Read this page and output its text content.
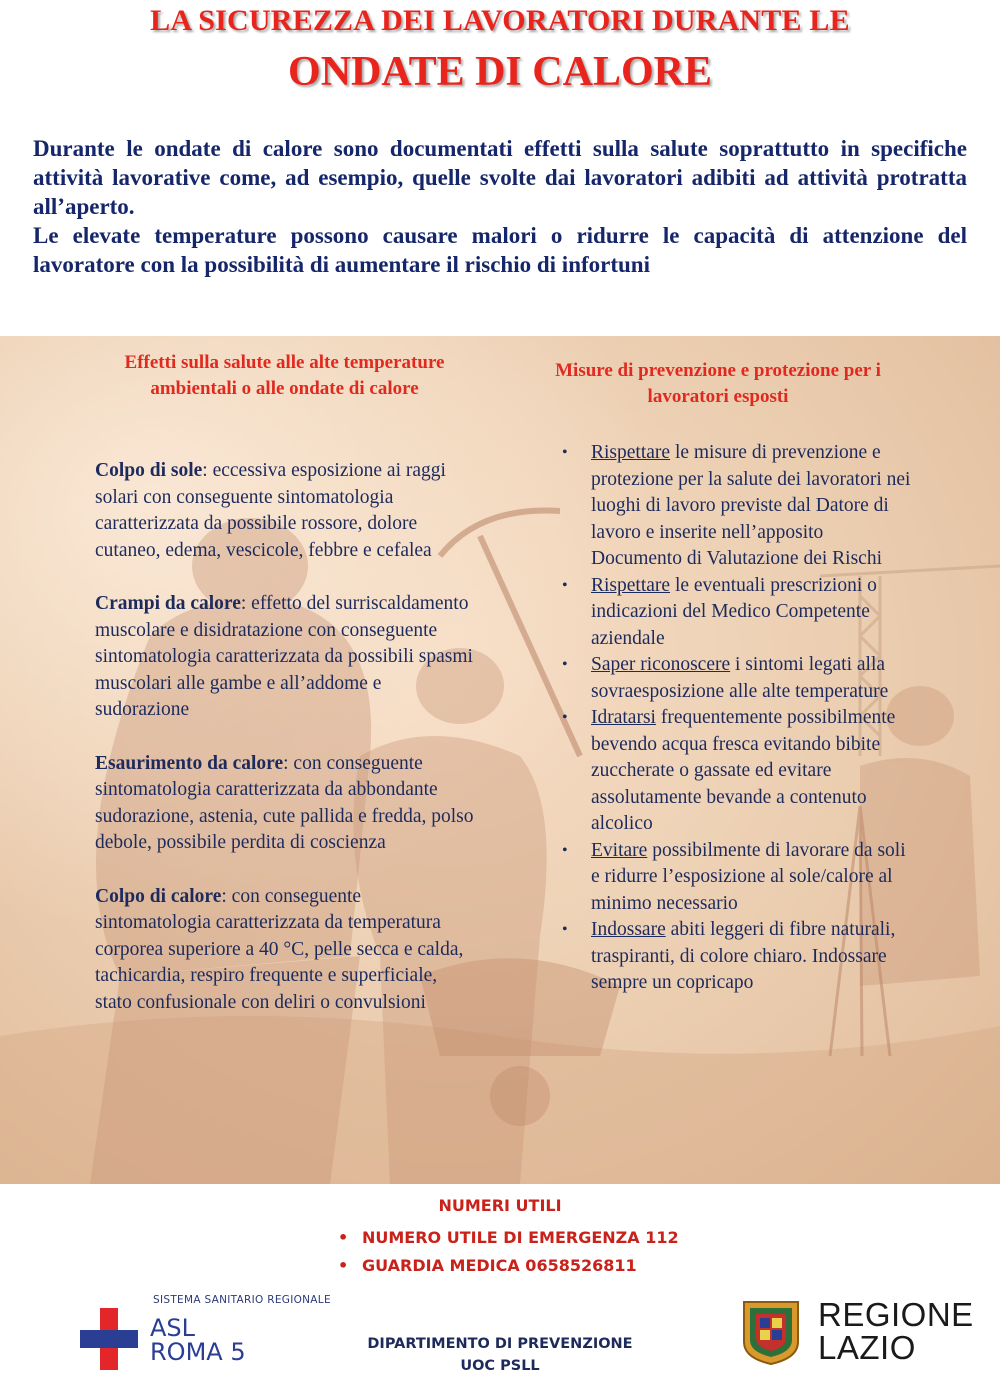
LA SICUREZZA DEI LAVORATORI DURANTE LE
ONDATE DI CALORE

Durante le ondate di calore sono documentati effetti sulla salute soprattutto in specifiche attività lavorative come, ad esempio, quelle svolte dai lavoratori adibiti ad attività protratta all’aperto.

Le elevate temperature possono causare malori o ridurre le capacità di attenzione del lavoratore con la possibilità di aumentare il rischio di infortuni

Effetti sulla salute alle alte temperature ambientali o alle ondate di calore
Misure di prevenzione e protezione per i lavoratori esposti

Colpo di sole: eccessiva esposizione ai raggi solari con conseguente sintomatologia caratterizzata da possibile rossore, dolore cutaneo, edema, vescicole, febbre e cefalea

Crampi da calore: effetto del surriscaldamento muscolare e disidratazione con conseguente sintomatologia caratterizzata da possibili spasmi muscolari alle gambe e all’addome e sudorazione

Esaurimento da calore: con conseguente sintomatologia caratterizzata da abbondante sudorazione, astenia, cute pallida e fredda, polso debole, possibile perdita di coscienza

Colpo di calore: con conseguente sintomatologia caratterizzata da temperatura corporea superiore a 40 °C, pelle secca e calda, tachicardia, respiro frequente e superficiale, stato confusionale con deliri o convulsioni

• Rispettare le misure di prevenzione e protezione per la salute dei lavoratori nei luoghi di lavoro previste dal Datore di lavoro e inserite nell’apposito Documento di Valutazione dei Rischi
• Rispettare le eventuali prescrizioni o indicazioni del Medico Competente aziendale
• Saper riconoscere i sintomi legati alla sovraesposizione alle alte temperature
• Idratarsi frequentemente possibilmente bevendo acqua fresca evitando bibite zuccherate o gassate ed evitare assolutamente bevande a contenuto alcolico
• Evitare possibilmente di lavorare da soli e ridurre l’esposizione al sole/calore al minimo necessario
• Indossare abiti leggeri di fibre naturali, traspiranti, di colore chiaro. Indossare sempre un copricapo
NUMERI UTILI
• NUMERO UTILE DI EMERGENZA 112
• GUARDIA MEDICA 0658526811
SISTEMA SANITARIO REGIONALE
ASL
ROMA 5	DIPARTIMENTO DI PREVENZIONE
UOC PSLL
REGIONE
LAZIO
